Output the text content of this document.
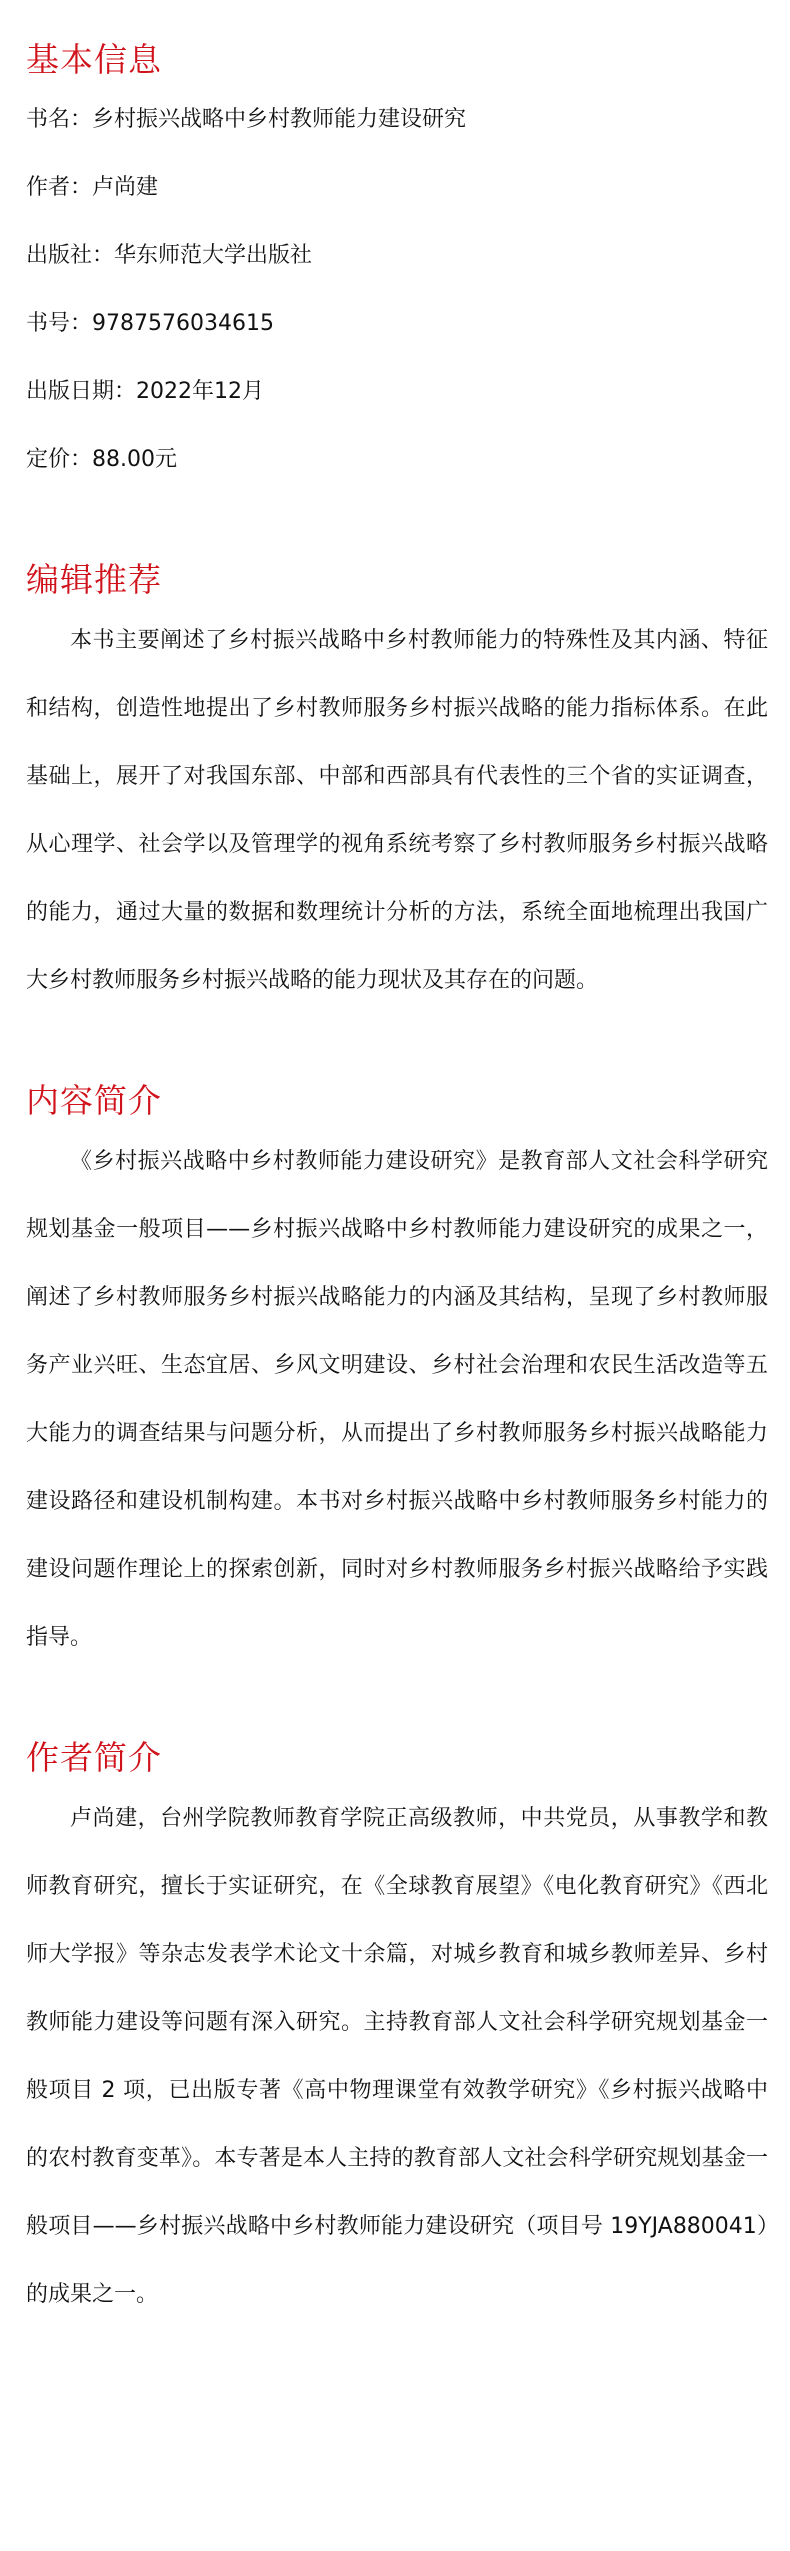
基本信息

书名：乡村振兴战略中乡村教师能力建设研究

作者：卢尚建

出版社：华东师范大学出版社

书号：9787576034615

出版日期：2022年12月

定价：88.00元

编辑推荐

本书主要阐述了乡村振兴战略中乡村教师能力的特殊性及其内涵、特征和结构，创造性地提出了乡村教师服务乡村振兴战略的能力指标体系。在此基础上，展开了对我国东部、中部和西部具有代表性的三个省的实证调查，从心理学、社会学以及管理学的视角系统考察了乡村教师服务乡村振兴战略的能力，通过大量的数据和数理统计分析的方法，系统全面地梳理出我国广大乡村教师服务乡村振兴战略的能力现状及其存在的问题。

内容简介

《乡村振兴战略中乡村教师能力建设研究》是教育部人文社会科学研究规划基金一般项目——乡村振兴战略中乡村教师能力建设研究的成果之一，阐述了乡村教师服务乡村振兴战略能力的内涵及其结构，呈现了乡村教师服务产业兴旺、生态宜居、乡风文明建设、乡村社会治理和农民生活改造等五大能力的调查结果与问题分析，从而提出了乡村教师服务乡村振兴战略能力建设路径和建设机制构建。本书对乡村振兴战略中乡村教师服务乡村能力的建设问题作理论上的探索创新，同时对乡村教师服务乡村振兴战略给予实践指导。

作者简介

卢尚建，台州学院教师教育学院正高级教师，中共党员，从事教学和教师教育研究，擅长于实证研究，在《全球教育展望》《电化教育研究》《西北师大学报》等杂志发表学术论文十余篇，对城乡教育和城乡教师差异、乡村教师能力建设等问题有深入研究。主持教育部人文社会科学研究规划基金一般项目 2 项，已出版专著《高中物理课堂有效教学研究》《乡村振兴战略中的农村教育变革》。本专著是本人主持的教育部人文社会科学研究规划基金一般项目——乡村振兴战略中乡村教师能力建设研究（项目号 19YJA880041）的成果之一。
